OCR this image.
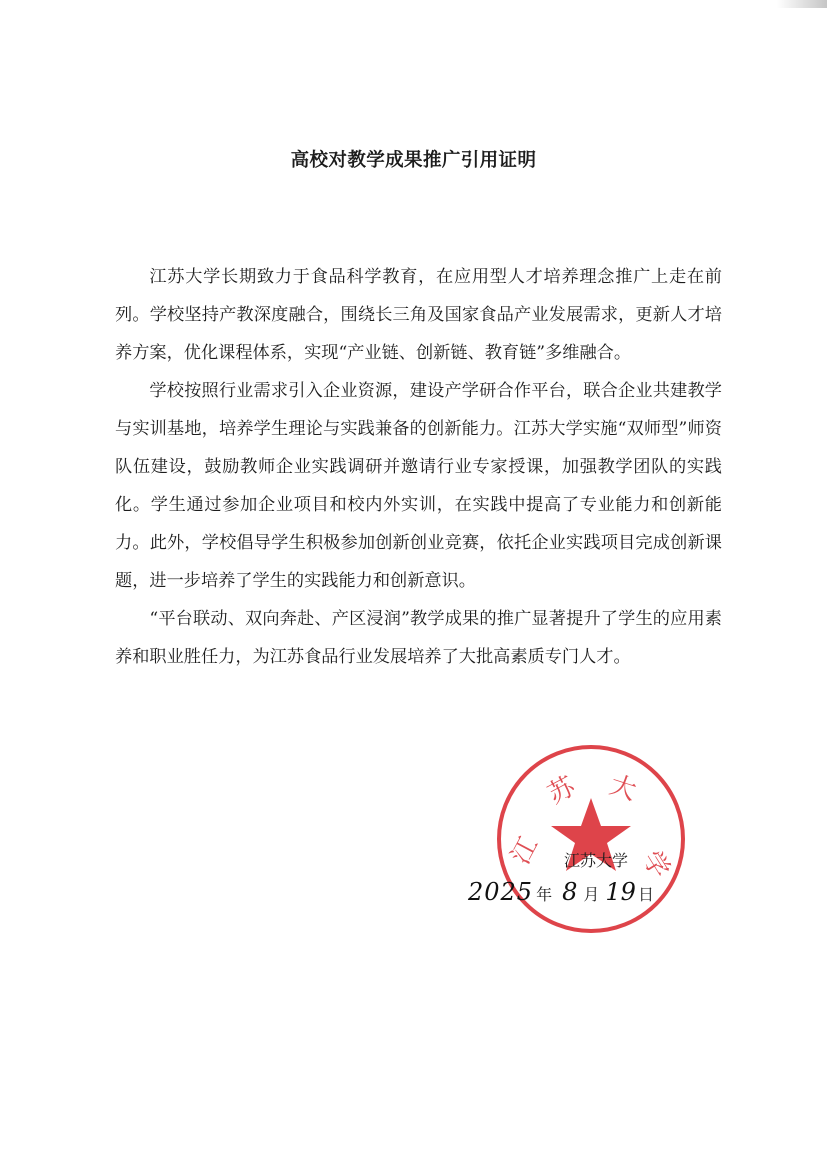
高校对教学成果推广引用证明

江苏大学长期致力于食品科学教育，在应用型人才培养理念推广上走在前列。学校坚持产教深度融合，围绕长三角及国家食品产业发展需求，更新人才培养方案，优化课程体系，实现“产业链、创新链、教育链”多维融合。

学校按照行业需求引入企业资源，建设产学研合作平台，联合企业共建教学与实训基地，培养学生理论与实践兼备的创新能力。江苏大学实施“双师型”师资队伍建设，鼓励教师企业实践调研并邀请行业专家授课，加强教学团队的实践化。学生通过参加企业项目和校内外实训，在实践中提高了专业能力和创新能力。此外，学校倡导学生积极参加创新创业竞赛，依托企业实践项目完成创新课题，进一步培养了学生的实践能力和创新意识。

“平台联动、双向奔赴、产区浸润”教学成果的推广显著提升了学生的应用素养和职业胜任力，为江苏食品行业发展培养了大批高素质专门人才。

江
苏 大
学

江苏大学

2025 年 8 月 19 日
